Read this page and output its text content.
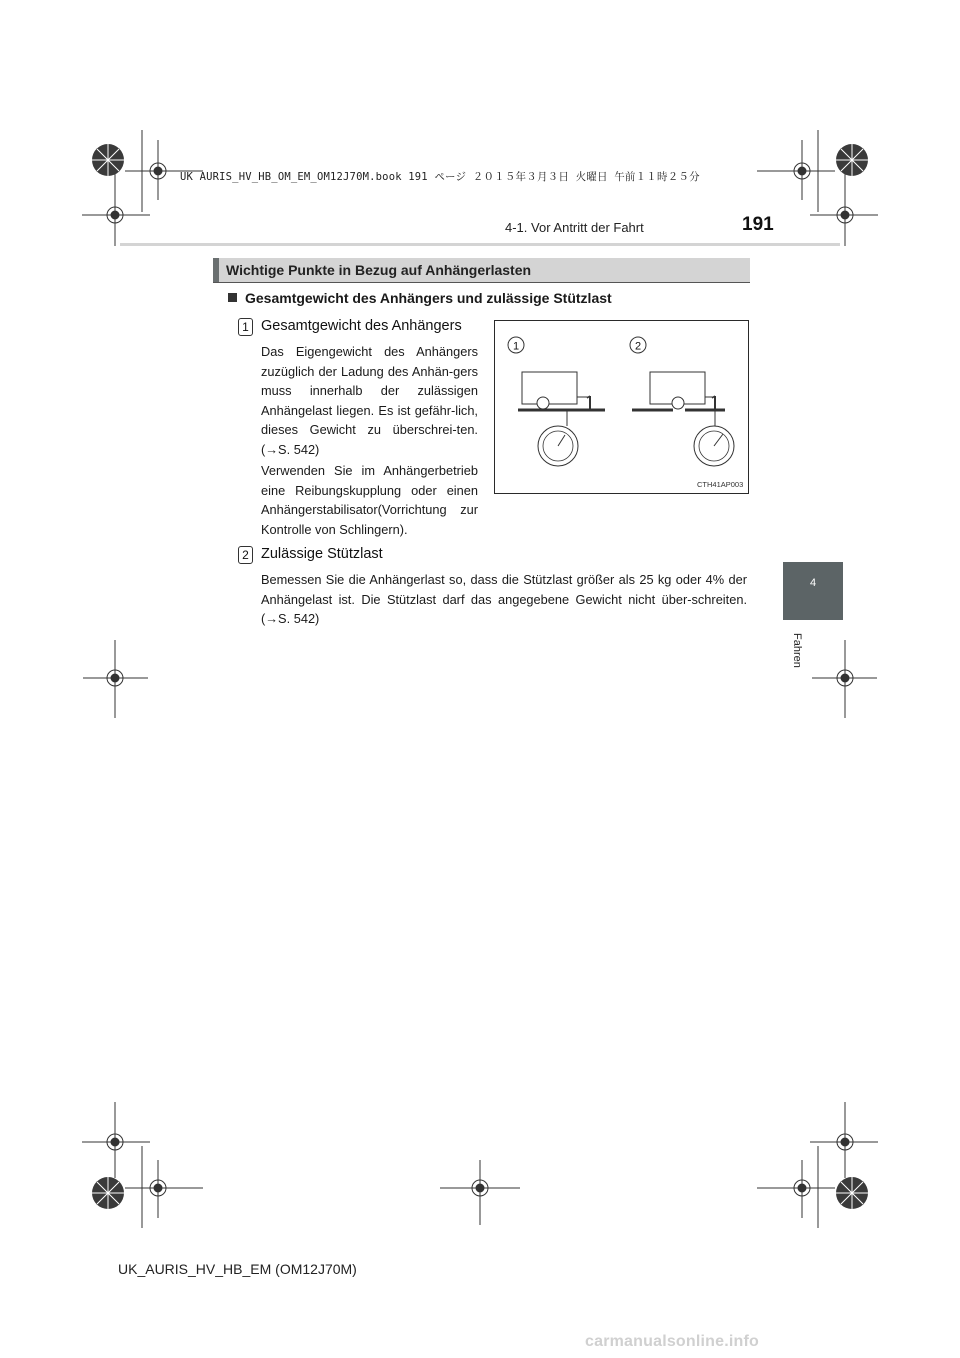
UK AURIS_HV_HB_OM_EM_OM12J70M.book 191 ページ ２０１５年３月３日 火曜日 午前１１時２５分
4-1. Vor Antritt der Fahrt	191
4
Fahren
Wichtige Punkte in Bezug auf Anhängerlasten
Gesamtgewicht des Anhängers und zulässige Stützlast
1 Gesamtgewicht des Anhängers

Das Eigengewicht des Anhängers zuzüglich der Ladung des Anhän-gers muss innerhalb der zulässigen Anhängelast liegen. Es ist gefähr-lich, dieses Gewicht zu überschrei-ten. (→S. 542)

Verwenden Sie im Anhängerbetrieb eine Reibungskupplung oder einen Anhängerstabilisator(Vorrichtung zur Kontrolle von Schlingern).

1	2
CTH41AP003
2 Zulässige Stützlast

Bemessen Sie die Anhängerlast so, dass die Stützlast größer als 25 kg oder 4% der Anhängelast ist. Die Stützlast darf das angegebene Gewicht nicht über-schreiten. (→S. 542)

UK_AURIS_HV_HB_EM (OM12J70M)
carmanualsonline.info
